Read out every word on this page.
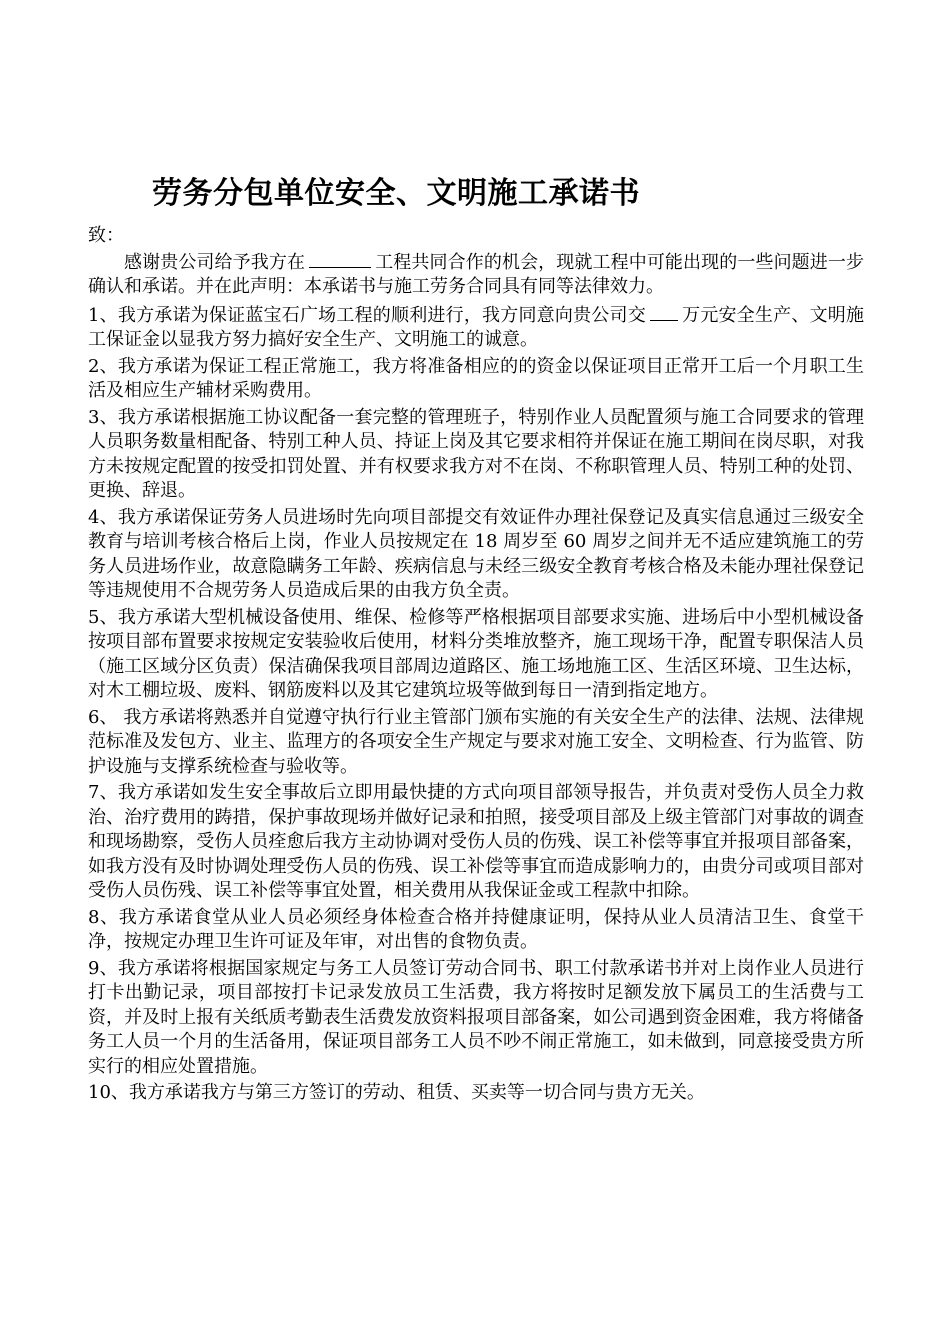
劳务分包单位安全、文明施工承诺书

致：

感谢贵公司给予我方在	工程共同合作的机会，现就工程中可能出现的一些问题进一步确认和承诺。并在此声明：本承诺书与施工劳务合同具有同等法律效力。

1、我方承诺为保证蓝宝石广场工程的顺利进行，我方同意向贵公司交 万元安全生产、文明施工保证金以显我方努力搞好安全生产、文明施工的诚意。

2、我方承诺为保证工程正常施工，我方将准备相应的的资金以保证项目正常开工后一个月职工生活及相应生产辅材采购费用。

3、我方承诺根据施工协议配备一套完整的管理班子，特别作业人员配置须与施工合同要求的管理人员职务数量相配备、特别工种人员、持证上岗及其它要求相符并保证在施工期间在岗尽职，对我方未按规定配置的按受扣罚处置、并有权要求我方对不在岗、不称职管理人员、特别工种的处罚、更换、辞退。

4、我方承诺保证劳务人员进场时先向项目部提交有效证件办理社保登记及真实信息通过三级安全教育与培训考核合格后上岗，作业人员按规定在 18 周岁至 60 周岁之间并无不适应建筑施工的劳务人员进场作业，故意隐瞒务工年龄、疾病信息与未经三级安全教育考核合格及未能办理社保登记等违规使用不合规劳务人员造成后果的由我方负全责。

5、我方承诺大型机械设备使用、维保、检修等严格根据项目部要求实施、进场后中小型机械设备按项目部布置要求按规定安装验收后使用，材料分类堆放整齐，施工现场干净，配置专职保洁人员（施工区域分区负责）保洁确保我项目部周边道路区、施工场地施工区、生活区环境、卫生达标，对木工棚垃圾、废料、钢筋废料以及其它建筑垃圾等做到每日一清到指定地方。

6、 我方承诺将熟悉并自觉遵守执行行业主管部门颁布实施的有关安全生产的法律、法规、法律规范标准及发包方、业主、监理方的各项安全生产规定与要求对施工安全、文明检查、行为监管、防护设施与支撑系统检查与验收等。

7、我方承诺如发生安全事故后立即用最快捷的方式向项目部领导报告，并负责对受伤人员全力救治、治疗费用的踌措，保护事故现场并做好记录和拍照，接受项目部及上级主管部门对事故的调查和现场勘察，受伤人员痊愈后我方主动协调对受伤人员的伤残、误工补偿等事宜并报项目部备案，如我方没有及时协调处理受伤人员的伤残、误工补偿等事宜而造成影响力的，由贵分司或项目部对受伤人员伤残、误工补偿等事宜处置，相关费用从我保证金或工程款中扣除。

8、我方承诺食堂从业人员必须经身体检查合格并持健康证明，保持从业人员清洁卫生、食堂干净，按规定办理卫生许可证及年审，对出售的食物负责。

9、我方承诺将根据国家规定与务工人员签订劳动合同书、职工付款承诺书并对上岗作业人员进行打卡出勤记录，项目部按打卡记录发放员工生活费，我方将按时足额发放下属员工的生活费与工资，并及时上报有关纸质考勤表生活费发放资料报项目部备案，如公司遇到资金困难，我方将储备务工人员一个月的生活备用，保证项目部务工人员不吵不闹正常施工，如未做到，同意接受贵方所实行的相应处置措施。

10、我方承诺我方与第三方签订的劳动、租赁、买卖等一切合同与贵方无关。
